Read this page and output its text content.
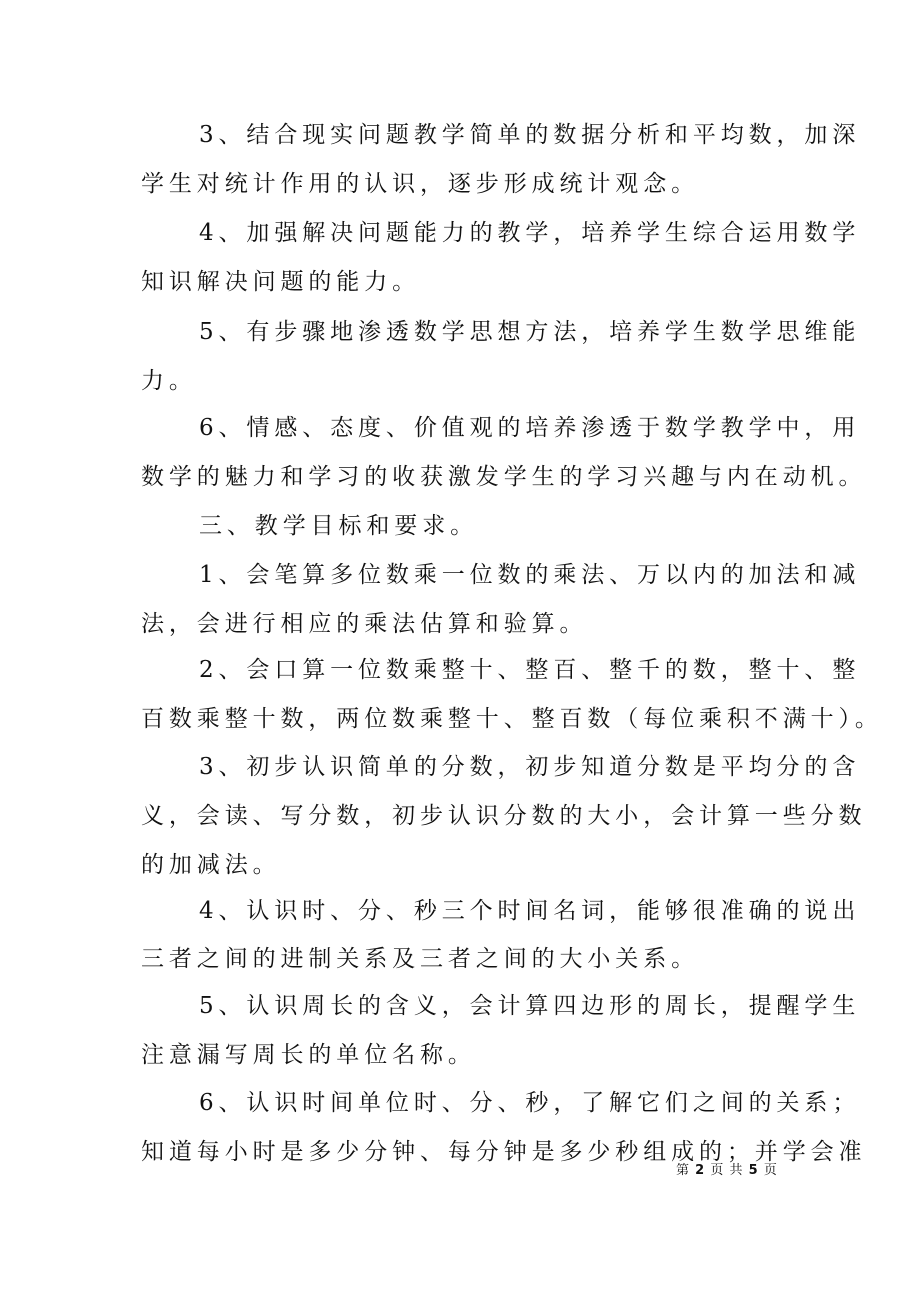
3、结合现实问题教学简单的数据分析和平均数，加深

学生对统计作用的认识，逐步形成统计观念。

4、加强解决问题能力的教学，培养学生综合运用数学

知识解决问题的能力。

5、有步骤地渗透数学思想方法，培养学生数学思维能

力。

6、情感、态度、价值观的培养渗透于数学教学中，用

数学的魅力和学习的收获激发学生的学习兴趣与内在动机。

三、教学目标和要求。

1、会笔算多位数乘一位数的乘法、万以内的加法和减

法，会进行相应的乘法估算和验算。

2、会口算一位数乘整十、整百、整千的数，整十、整

百数乘整十数，两位数乘整十、整百数（每位乘积不满十）。

3、初步认识简单的分数，初步知道分数是平均分的含

义，会读、写分数，初步认识分数的大小，会计算一些分数

的加减法。

4、认识时、分、秒三个时间名词，能够很准确的说出

三者之间的进制关系及三者之间的大小关系。

5、认识周长的含义，会计算四边形的周长，提醒学生

注意漏写周长的单位名称。

6、认识时间单位时、分、秒，了解它们之间的关系；

知道每小时是多少分钟、每分钟是多少秒组成的；并学会准

第 2 页 共 5 页
